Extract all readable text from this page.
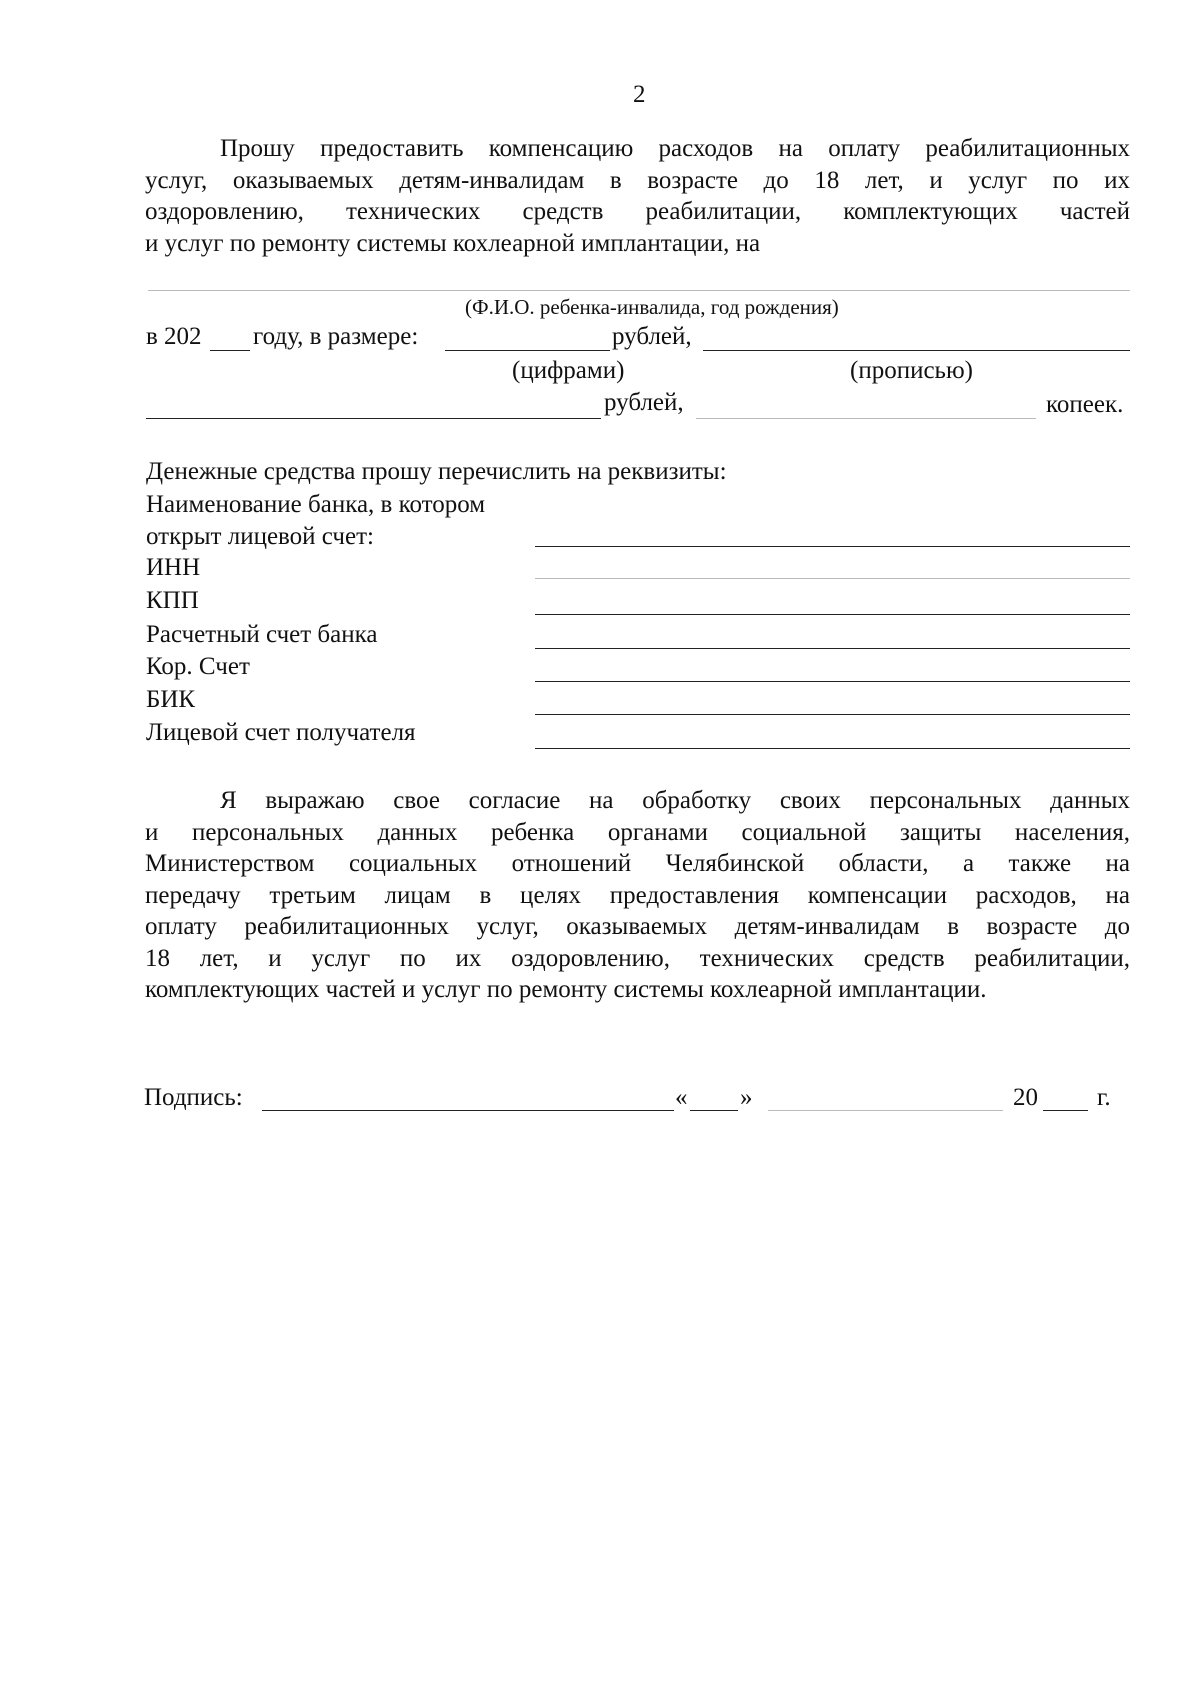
2
Прошу предоставить компенсацию расходов на оплату реабилитационных
услуг, оказываемых детям-инвалидам в возрасте до 18 лет, и услуг по их
оздоровлению, технических средств реабилитации, комплектующих частей
и услуг по ремонту системы кохлеарной имплантации, на
(Ф.И.О. ребенка-инвалида, год рождения)
в 202 году, в размере:	рублей,
(цифрами)	(прописью)
рублей,	копеек.
Денежные средства прошу перечислить на реквизиты:
Наименование банка, в котором
открыт лицевой счет:
ИНН
КПП
Расчетный счет банка
Кор. Счет
БИК
Лицевой счет получателя
Я выражаю свое согласие на обработку своих персональных данных
и персональных данных ребенка органами социальной защиты населения,
Министерством социальных отношений Челябинской области, а также на
передачу третьим лицам в целях предоставления компенсации расходов, на
оплату реабилитационных услуг, оказываемых детям-инвалидам в возрасте до
18 лет, и услуг по их оздоровлению, технических средств реабилитации,
комплектующих частей и услуг по ремонту системы кохлеарной имплантации.
Подпись:	« »	20 г.
